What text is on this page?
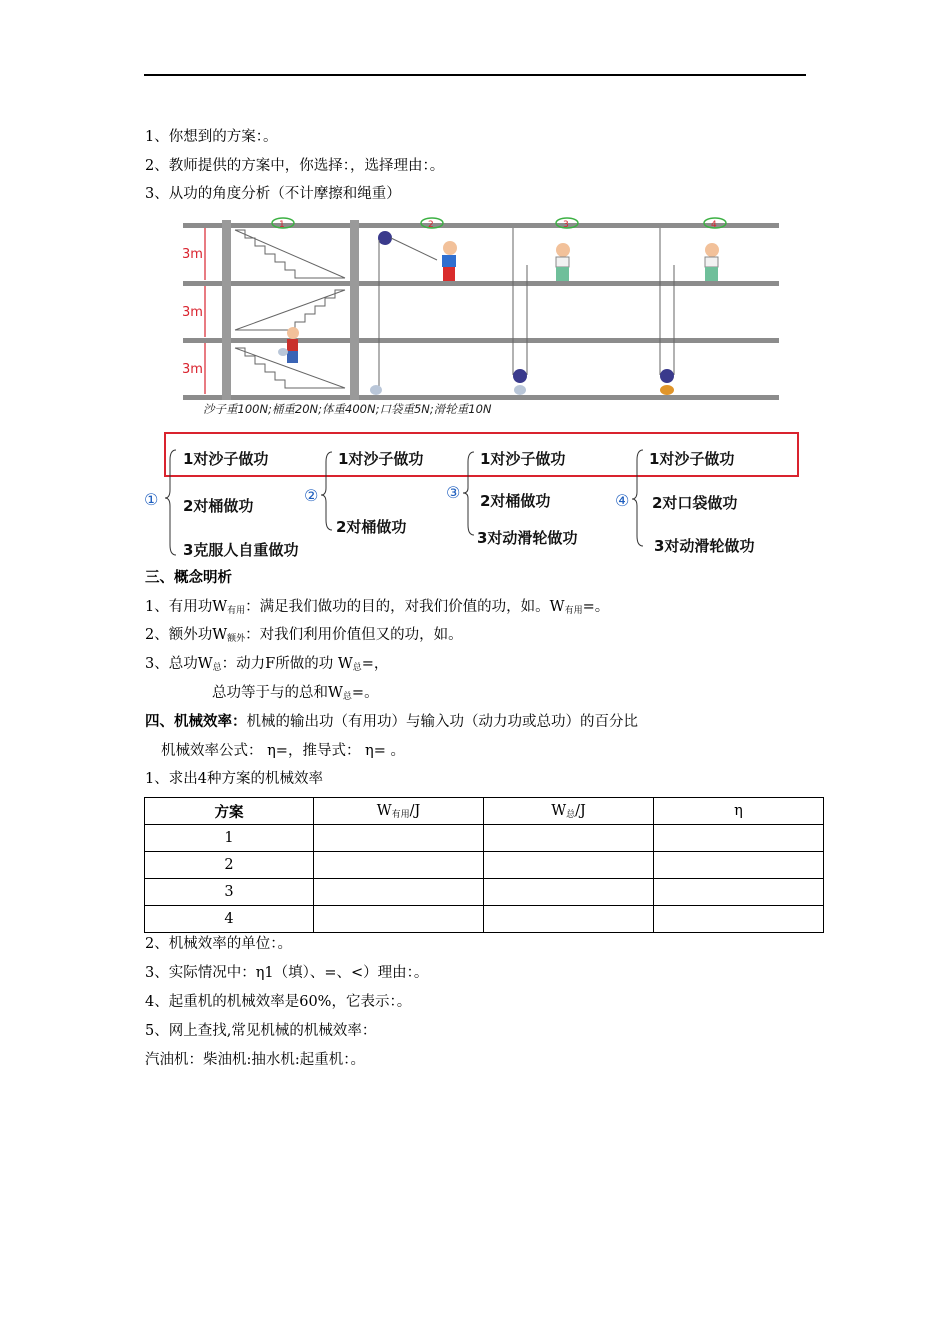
1、你想到的方案：。
2、教师提供的方案中，你选择：，选择理由：。
3、从功的角度分析（不计摩擦和绳重）
3m
3m
3m
1	2	3	4
沙子重100N;桶重20N;体重400N;口袋重5N;滑轮重10N
①	②	③	④
1对沙子做功
2对桶做功
3克服人自重做功
1对沙子做功
2对桶做功
1对沙子做功
2对桶做功
3对动滑轮做功
1对沙子做功
2对口袋做功
3对动滑轮做功
三、概念明析
1、有用功$W_{有用}$：满足我们做功的目的，对我们价值的功，如。$W_{有用}=$。
2、额外功$W_{额外}$：对我们利用价值但又的功，如。
3、总功$W_总$：动力F所做的功 $W_总=$，
总功等于与的总和$W_总=$。
四、机械效率：机械的输出功（有用功）与输入功（动力功或总功）的百分比
机械效率公式： η=，推导式： η= 。
1、求出4种方案的机械效率
方案	$W_{有用}/J$	$W_总/J$	η
1			
2			
3			
4			
2、机械效率的单位：。
3、实际情况中：η1（填）、=、<）理由：。
4、起重机的机械效率是60%，它表示：。
5、网上查找,常见机械的机械效率：
汽油机：柴油机:抽水机:起重机：。
